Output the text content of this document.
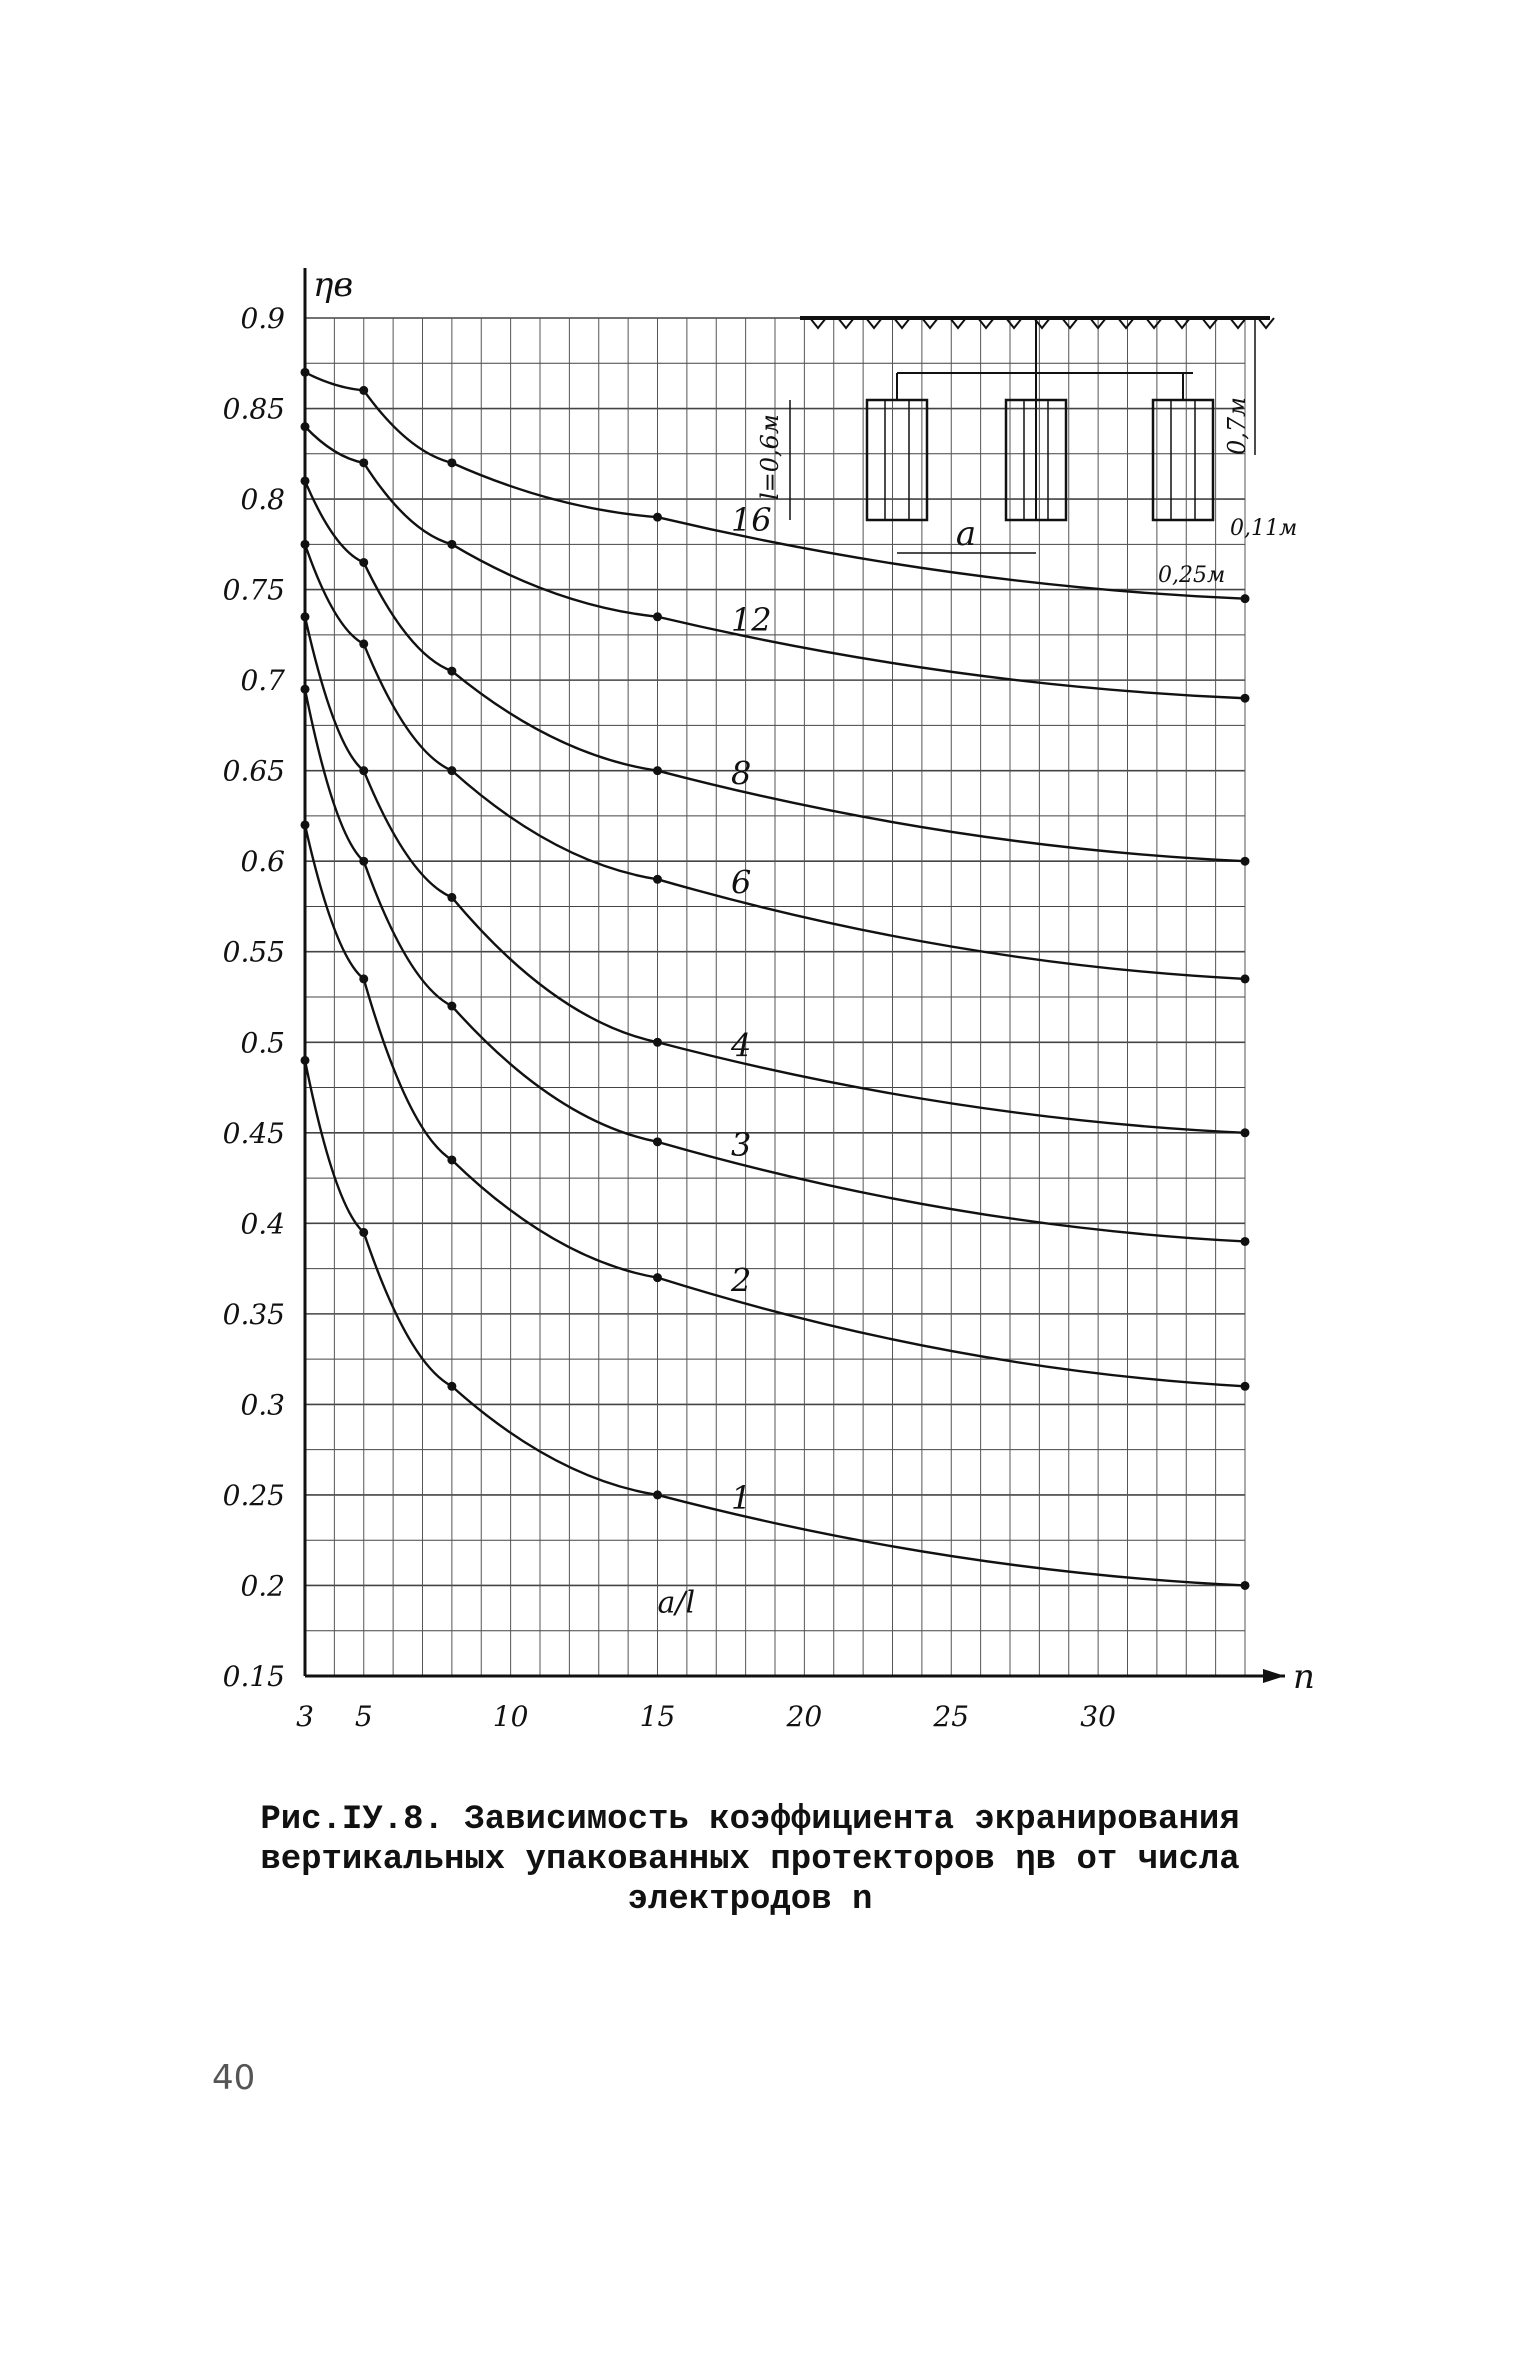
ηв
n
0.9
0.85
0.8
0.75
0.7
0.65
0.6
0.55
0.5
0.45
0.4
0.35
0.3
0.25
0.2
0.15
3 5	10	15	20	25	30
16
12
8
6
4
3
2
1
a/l
l=0,6м
a
0,7м
0,25м
0,11м
Рис.IУ.8. Зависимость коэффициента экранирования
вертикальных упакованных протекторов ηв от числа
электродов n
40
